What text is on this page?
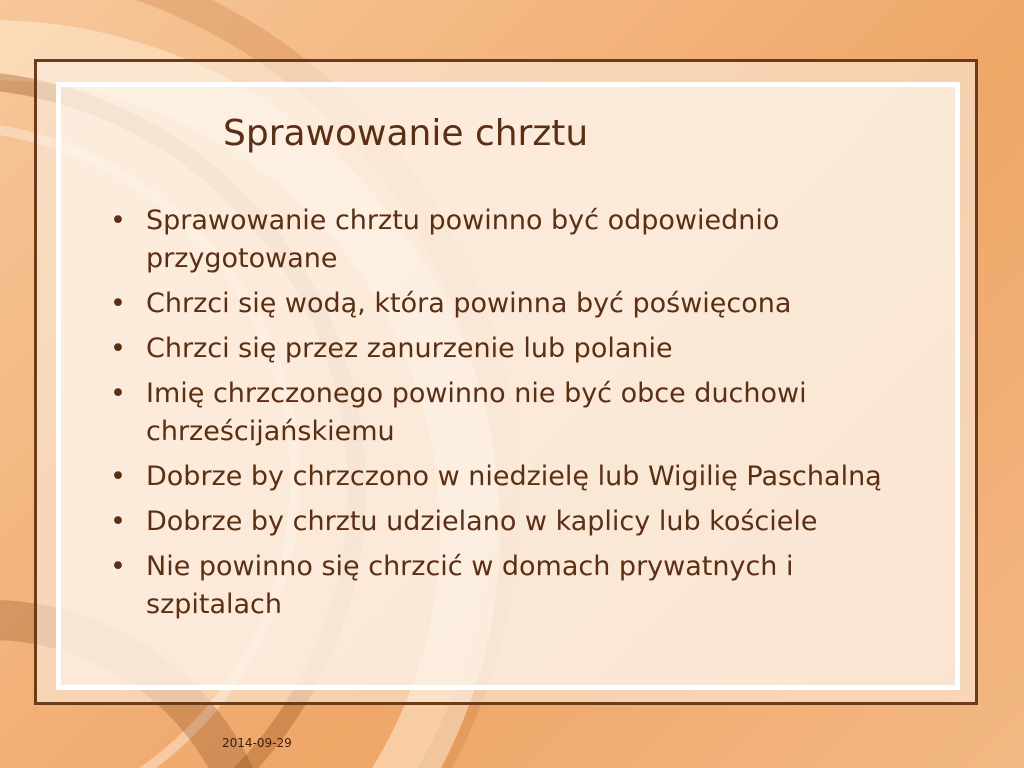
Sprawowanie chrztu
• Sprawowanie chrztu powinno być odpowiednio przygotowane
• Chrzci się wodą, która powinna być poświęcona
• Chrzci się przez zanurzenie lub polanie
• Imię chrzczonego powinno nie być obce duchowi chrześcijańskiemu
• Dobrze by chrzczono w niedzielę lub Wigilię Paschalną
• Dobrze by chrztu udzielano w kaplicy lub kościele
• Nie powinno się chrzcić w domach prywatnych i szpitalach
2014-09-29
